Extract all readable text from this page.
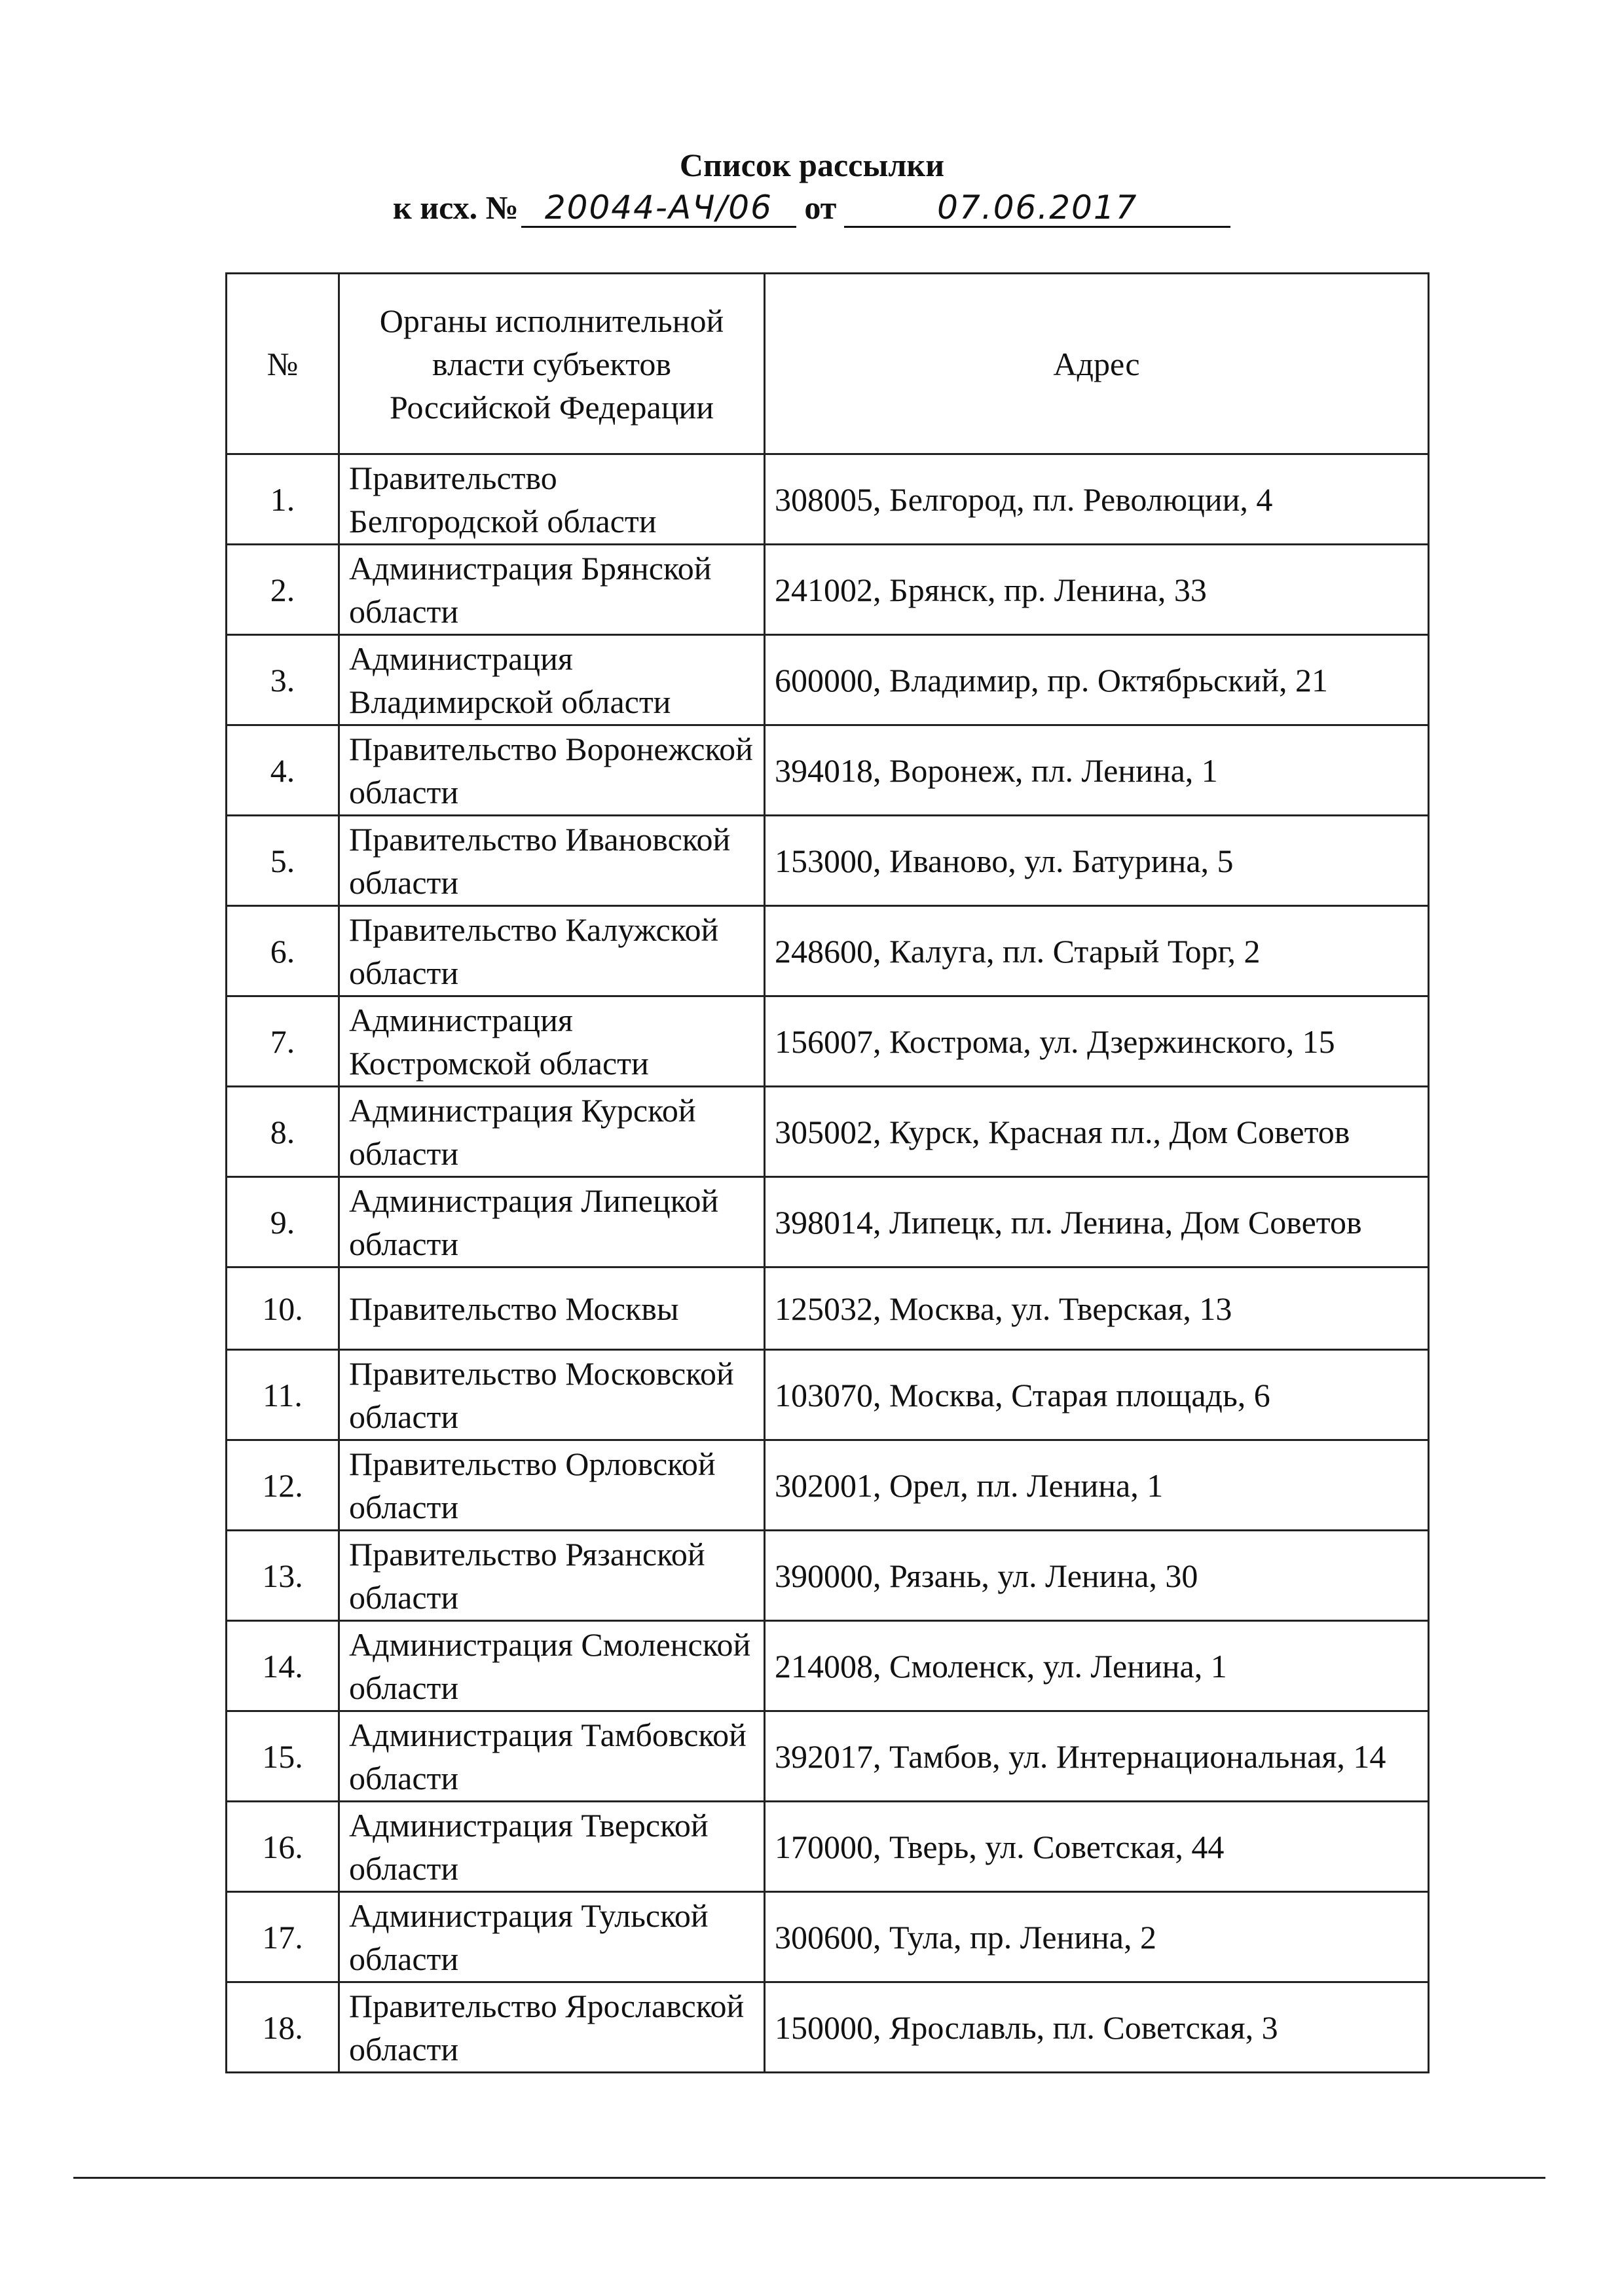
Список рассылки
к исх. № 20044-АЧ/06 от	07.06.2017
№	Органы исполнительной власти субъектов Российской Федерации	Адрес
1.	Правительство Белгородской области	308005, Белгород, пл. Революции, 4
2.	Администрация Брянской области	241002, Брянск, пр. Ленина, 33
3.	Администрация Владимирской области	600000, Владимир, пр. Октябрьский, 21
4.	Правительство Воронежской области	394018, Воронеж, пл. Ленина, 1
5.	Правительство Ивановской области	153000, Иваново, ул. Батурина, 5
6.	Правительство Калужской области	248600, Калуга, пл. Старый Торг, 2
7.	Администрация Костромской области	156007, Кострома, ул. Дзержинского, 15
8.	Администрация Курской области	305002, Курск, Красная пл., Дом Советов
9.	Администрация Липецкой области	398014, Липецк, пл. Ленина, Дом Советов
10.	Правительство Москвы	125032, Москва, ул. Тверская, 13
11.	Правительство Московской области	103070, Москва, Старая площадь, 6
12.	Правительство Орловской области	302001, Орел, пл. Ленина, 1
13.	Правительство Рязанской области	390000, Рязань, ул. Ленина, 30
14.	Администрация Смоленской области	214008, Смоленск, ул. Ленина, 1
15.	Администрация Тамбовской области	392017, Тамбов, ул. Интернациональная, 14
16.	Администрация Тверской области	170000, Тверь, ул. Советская, 44
17.	Администрация Тульской области	300600, Тула, пр. Ленина, 2
18.	Правительство Ярославской области	150000, Ярославль, пл. Советская, 3
